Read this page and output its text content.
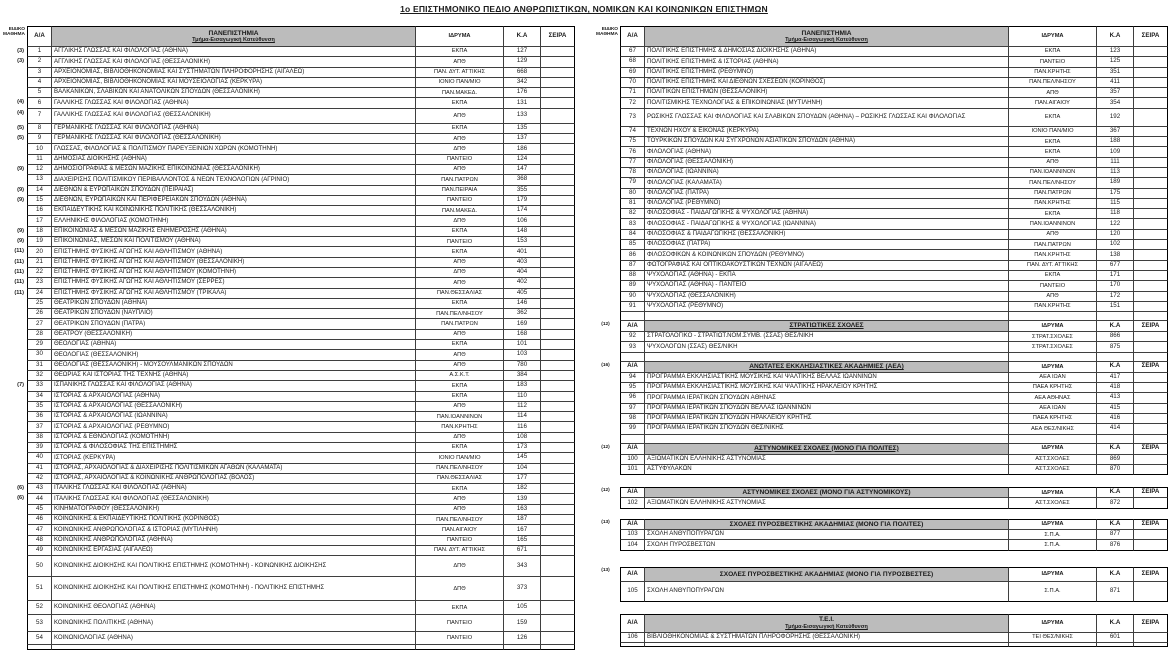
1ο ΕΠΙΣΤΗΜΟΝΙΚΟ ΠΕΔΙΟ ΑΝΘΡΩΠΙΣΤΙΚΩΝ, ΝΟΜΙΚΩΝ ΚΑΙ ΚΟΙΝΩΝΙΚΩΝ ΕΠΙΣΤΗΜΩΝ
ΕΙΔΙΚΟ ΜΑΘΗΜΑ	Α/Α	ΠΑΝΕΠΙΣΤΗΜΙΑ
Τμήμα-Εισαγωγική Κατεύθυνση
ΙΔΡΥΜΑ	Κ.Α	ΣΕΙΡΑ
(3)	1	ΑΓΓΛΙΚΗΣ ΓΛΩΣΣΑΣ ΚΑΙ ΦΙΛΟΛΟΓΙΑΣ (ΑΘΗΝΑ)	ΕΚΠΑ	127
(3)	2	ΑΓΓΛΙΚΗΣ ΓΛΩΣΣΑΣ ΚΑΙ ΦΙΛΟΛΟΓΙΑΣ (ΘΕΣΣΑΛΟΝΙΚΗ)	ΑΠΘ	129
3	ΑΡΧΕΙΟΝΟΜΙΑΣ, ΒΙΒΛΙΟΘΗΚΟΝΟΜΙΑΣ ΚΑΙ ΣΥΣΤΗΜΑΤΩΝ ΠΛΗΡΟΦΟΡΗΣΗΣ (ΑΙΓΑΛΕΩ)	ΠΑΝ. ΔΥΤ. ΑΤΤΙΚΗΣ	668
4	ΑΡΧΕΙΟΝΟΜΙΑΣ, ΒΙΒΛΙΟΘΗΚΟΝΟΜΙΑΣ ΚΑΙ ΜΟΥΣΕΙΟΛΟΓΙΑΣ (ΚΕΡΚΥΡΑ)	ΙΟΝΙΟ ΠΑΝ/ΜΙΟ	342
5	ΒΑΛΚΑΝΙΚΩΝ, ΣΛΑΒΙΚΩΝ ΚΑΙ ΑΝΑΤΟΛΙΚΩΝ ΣΠΟΥΔΩΝ (ΘΕΣΣΑΛΟΝΙΚΗ)	ΠΑΝ.ΜΑΚΕΔ.	176
(4)	6	ΓΑΛΛΙΚΗΣ ΓΛΩΣΣΑΣ ΚΑΙ ΦΙΛΟΛΟΓΙΑΣ (ΑΘΗΝΑ)	ΕΚΠΑ	131
(4)	7	ΓΑΛΛΙΚΗΣ ΓΛΩΣΣΑΣ ΚΑΙ ΦΙΛΟΛΟΓΙΑΣ (ΘΕΣΣΑΛΟΝΙΚΗ)	ΑΠΘ	133
(5)	8	ΓΕΡΜΑΝΙΚΗΣ ΓΛΩΣΣΑΣ ΚΑΙ ΦΙΛΟΛΟΓΙΑΣ (ΑΘΗΝΑ)	ΕΚΠΑ	135
(5)	9	ΓΕΡΜΑΝΙΚΗΣ ΓΛΩΣΣΑΣ ΚΑΙ ΦΙΛΟΛΟΓΙΑΣ (ΘΕΣΣΑΛΟΝΙΚΗ)	ΑΠΘ	137
10	ΓΛΩΣΣΑΣ, ΦΙΛΟΛΟΓΙΑΣ & ΠΟΛΙΤΙΣΜΟΥ ΠΑΡΕΥΞΕΙΝΙΩΝ ΧΩΡΩΝ (ΚΟΜΟΤΗΝΗ)	ΔΠΘ	186
11	ΔΗΜΟΣΙΑΣ ΔΙΟΙΚΗΣΗΣ (ΑΘΗΝΑ)	ΠΑΝΤΕΙΟ	124
(9)	12	ΔΗΜΟΣΙΟΓΡΑΦΙΑΣ & ΜΕΣΩΝ ΜΑΖΙΚΗΣ ΕΠΙΚΟΙΝΩΝΙΑΣ (ΘΕΣΣΑΛΟΝΙΚΗ)	ΑΠΘ	147
13	ΔΙΑΧΕΙΡΙΣΗΣ ΠΟΛΙΤΙΣΜΙΚΟΥ ΠΕΡΙΒΑΛΛΟΝΤΟΣ & ΝΕΩΝ ΤΕΧΝΟΛΟΓΙΩΝ (ΑΓΡΙΝΙΟ)	ΠΑΝ.ΠΑΤΡΩΝ	368
(9)	14	ΔΙΕΘΝΩΝ & ΕΥΡΩΠΑΪΚΩΝ ΣΠΟΥΔΩΝ (ΠΕΙΡΑΙΑΣ)	ΠΑΝ.ΠΕΙΡΑΙΑ	355
(9)	15	ΔΙΕΘΝΩΝ, ΕΥΡΩΠΑΪΚΩΝ ΚΑΙ ΠΕΡΙΦΕΡΕΙΑΚΩΝ ΣΠΟΥΔΩΝ (ΑΘΗΝΑ)	ΠΑΝΤΕΙΟ	179
16	ΕΚΠΑΙΔΕΥΤΙΚΗΣ ΚΑΙ ΚΟΙΝΩΝΙΚΗΣ ΠΟΛΙΤΙΚΗΣ (ΘΕΣΣΑΛΟΝΙΚΗ)	ΠΑΝ.ΜΑΚΕΔ.	174
17	ΕΛΛΗΝΙΚΗΣ ΦΙΛΟΛΟΓΙΑΣ (ΚΟΜΟΤΗΝΗ)	ΔΠΘ	106
(9)	18	ΕΠΙΚΟΙΝΩΝΙΑΣ & ΜΕΣΩΝ ΜΑΖΙΚΗΣ ΕΝΗΜΕΡΩΣΗΣ (ΑΘΗΝΑ)	ΕΚΠΑ	148
(9)	19	ΕΠΙΚΟΙΝΩΝΙΑΣ, ΜΕΣΩΝ ΚΑΙ ΠΟΛΙΤΙΣΜΟΥ (ΑΘΗΝΑ)	ΠΑΝΤΕΙΟ	153
(11)	20	ΕΠΙΣΤΗΜΗΣ ΦΥΣΙΚΗΣ ΑΓΩΓΗΣ ΚΑΙ ΑΘΛΗΤΙΣΜΟΥ (ΑΘΗΝΑ)	ΕΚΠΑ	401
(11)	21	ΕΠΙΣΤΗΜΗΣ ΦΥΣΙΚΗΣ ΑΓΩΓΗΣ ΚΑΙ ΑΘΛΗΤΙΣΜΟΥ (ΘΕΣΣΑΛΟΝΙΚΗ)	ΑΠΘ	403
(11)	22	ΕΠΙΣΤΗΜΗΣ ΦΥΣΙΚΗΣ ΑΓΩΓΗΣ ΚΑΙ ΑΘΛΗΤΙΣΜΟΥ (ΚΟΜΟΤΗΝΗ)	ΔΠΘ	404
(11)	23	ΕΠΙΣΤΗΜΗΣ ΦΥΣΙΚΗΣ ΑΓΩΓΗΣ ΚΑΙ ΑΘΛΗΤΙΣΜΟΥ (ΣΕΡΡΕΣ)	ΑΠΘ	402
(11)	24	ΕΠΙΣΤΗΜΗΣ ΦΥΣΙΚΗΣ ΑΓΩΓΗΣ ΚΑΙ ΑΘΛΗΤΙΣΜΟΥ (ΤΡΙΚΑΛΑ)	ΠΑΝ.ΘΕΣΣΑΛΙΑΣ	405
25	ΘΕΑΤΡΙΚΩΝ ΣΠΟΥΔΩΝ (ΑΘΗΝΑ)	ΕΚΠΑ	146
26	ΘΕΑΤΡΙΚΩΝ ΣΠΟΥΔΩΝ (ΝΑΥΠΛΙΟ)	ΠΑΝ.ΠΕΛ/ΝΗΣΟΥ	362
27	ΘΕΑΤΡΙΚΩΝ ΣΠΟΥΔΩΝ (ΠΑΤΡΑ)	ΠΑΝ.ΠΑΤΡΩΝ	169
28	ΘΕΑΤΡΟΥ (ΘΕΣΣΑΛΟΝΙΚΗ)	ΑΠΘ	168
29	ΘΕΟΛΟΓΙΑΣ (ΑΘΗΝΑ)	ΕΚΠΑ	101
30	ΘΕΟΛΟΓΙΑΣ (ΘΕΣΣΑΛΟΝΙΚΗ)	ΑΠΘ	103
31	ΘΕΟΛΟΓΙΑΣ (ΘΕΣΣΑΛΟΝΙΚΗ) - ΜΟΥΣΟΥΛΜΑΝΙΚΩΝ ΣΠΟΥΔΩΝ	ΑΠΘ	780
32	ΘΕΩΡΙΑΣ ΚΑΙ ΙΣΤΟΡΙΑΣ ΤΗΣ ΤΕΧΝΗΣ (ΑΘΗΝΑ)	Α.Σ.Κ.Τ.	384
(7)	33	ΙΣΠΑΝΙΚΗΣ ΓΛΩΣΣΑΣ ΚΑΙ ΦΙΛΟΛΟΓΙΑΣ (ΑΘΗΝΑ)	ΕΚΠΑ	183
34	ΙΣΤΟΡΙΑΣ & ΑΡΧΑΙΟΛΟΓΙΑΣ (ΑΘΗΝΑ)	ΕΚΠΑ	110
35	ΙΣΤΟΡΙΑΣ & ΑΡΧΑΙΟΛΟΓΙΑΣ (ΘΕΣΣΑΛΟΝΙΚΗ)	ΑΠΘ	112
36	ΙΣΤΟΡΙΑΣ & ΑΡΧΑΙΟΛΟΓΙΑΣ (ΙΩΑΝΝΙΝΑ)	ΠΑΝ.ΙΩΑΝΝΙΝΩΝ	114
37	ΙΣΤΟΡΙΑΣ & ΑΡΧΑΙΟΛΟΓΙΑΣ (ΡΕΘΥΜΝΟ)	ΠΑΝ.ΚΡΗΤΗΣ	116
38	ΙΣΤΟΡΙΑΣ & ΕΘΝΟΛΟΓΙΑΣ (ΚΟΜΟΤΗΝΗ)	ΔΠΘ	108
39	ΙΣΤΟΡΙΑΣ & ΦΙΛΟΣΟΦΙΑΣ ΤΗΣ ΕΠΙΣΤΗΜΗΣ	ΕΚΠΑ	173
40	ΙΣΤΟΡΙΑΣ (ΚΕΡΚΥΡΑ)	ΙΟΝΙΟ ΠΑΝ/ΜΙΟ	145
41	ΙΣΤΟΡΙΑΣ, ΑΡΧΑΙΟΛΟΓΙΑΣ & ΔΙΑΧΕΙΡΙΣΗΣ ΠΟΛΙΤΙΣΜΙΚΩΝ ΑΓΑΘΩΝ (ΚΑΛΑΜΑΤΑ)	ΠΑΝ.ΠΕΛ/ΝΗΣΟΥ	104
42	ΙΣΤΟΡΙΑΣ, ΑΡΧΑΙΟΛΟΓΙΑΣ & ΚΟΙΝΩΝΙΚΗΣ ΑΝΘΡΩΠΟΛΟΓΙΑΣ (ΒΟΛΟΣ)	ΠΑΝ.ΘΕΣΣΑΛΙΑΣ	177
(6)	43	ΙΤΑΛΙΚΗΣ ΓΛΩΣΣΑΣ ΚΑΙ ΦΙΛΟΛΟΓΙΑΣ (ΑΘΗΝΑ)	ΕΚΠΑ	182
(6)	44	ΙΤΑΛΙΚΗΣ ΓΛΩΣΣΑΣ ΚΑΙ ΦΙΛΟΛΟΓΙΑΣ (ΘΕΣΣΑΛΟΝΙΚΗ)	ΑΠΘ	139
45	ΚΙΝΗΜΑΤΟΓΡΑΦΟΥ (ΘΕΣΣΑΛΟΝΙΚΗ)	ΑΠΘ	163
46	ΚΟΙΝΩΝΙΚΗΣ & ΕΚΠΑΙΔΕΥΤΙΚΗΣ ΠΟΛΙΤΙΚΗΣ (ΚΟΡΙΝΘΟΣ)	ΠΑΝ.ΠΕΛ/ΝΗΣΟΥ	187
47	ΚΟΙΝΩΝΙΚΗΣ ΑΝΘΡΩΠΟΛΟΓΙΑΣ & ΙΣΤΟΡΙΑΣ (ΜΥΤΙΛΗΝΗ)	ΠΑΝ.ΑΙΓΑΙΟΥ	167
48	ΚΟΙΝΩΝΙΚΗΣ ΑΝΘΡΩΠΟΛΟΓΙΑΣ (ΑΘΗΝΑ)	ΠΑΝΤΕΙΟ	165
49	ΚΟΙΝΩΝΙΚΗΣ ΕΡΓΑΣΙΑΣ (ΑΙΓΑΛΕΩ)	ΠΑΝ. ΔΥΤ. ΑΤΤΙΚΗΣ	671
50	ΚΟΙΝΩΝΙΚΗΣ ΔΙΟΙΚΗΣΗΣ ΚΑΙ ΠΟΛΙΤΙΚΗΣ ΕΠΙΣΤΗΜΗΣ (ΚΟΜΟΤΗΝΗ) - ΚΟΙΝΩΝΙΚΗΣ ΔΙΟΙΚΗΣΗΣ	ΔΠΘ	343
51	ΚΟΙΝΩΝΙΚΗΣ ΔΙΟΙΚΗΣΗΣ ΚΑΙ ΠΟΛΙΤΙΚΗΣ ΕΠΙΣΤΗΜΗΣ (ΚΟΜΟΤΗΝΗ) - ΠΟΛΙΤΙΚΗΣ ΕΠΙΣΤΗΜΗΣ	ΔΠΘ	373
52	ΚΟΙΝΩΝΙΚΗΣ ΘΕΟΛΟΓΙΑΣ (ΑΘΗΝΑ)	ΕΚΠΑ	105
53	ΚΟΙΝΩΝΙΚΗΣ ΠΟΛΙΤΙΚΗΣ (ΑΘΗΝΑ)	ΠΑΝΤΕΙΟ	159
54	ΚΟΙΝΩΝΙΟΛΟΓΙΑΣ (ΑΘΗΝΑ)	ΠΑΝΤΕΙΟ	126
ΕΙΔΙΚΟ ΜΑΘΗΜΑ	Α/Α	ΠΑΝΕΠΙΣΤΗΜΙΑ
Τμήμα-Εισαγωγική Κατεύθυνση
ΙΔΡΥΜΑ	Κ.Α	ΣΕΙΡΑ
67	ΠΟΛΙΤΙΚΗΣ ΕΠΙΣΤΗΜΗΣ & ΔΗΜΟΣΙΑΣ ΔΙΟΙΚΗΣΗΣ (ΑΘΗΝΑ)	ΕΚΠΑ	123
68	ΠΟΛΙΤΙΚΗΣ ΕΠΙΣΤΗΜΗΣ & ΙΣΤΟΡΙΑΣ (ΑΘΗΝΑ)	ΠΑΝΤΕΙΟ	125
69	ΠΟΛΙΤΙΚΗΣ ΕΠΙΣΤΗΜΗΣ (ΡΕΘΥΜΝΟ)	ΠΑΝ.ΚΡΗΤΗΣ	351
70	ΠΟΛΙΤΙΚΗΣ ΕΠΙΣΤΗΜΗΣ ΚΑΙ ΔΙΕΘΝΩΝ ΣΧΕΣΕΩΝ (ΚΟΡΙΝΘΟΣ)	ΠΑΝ.ΠΕΛ/ΝΗΣΟΥ	411
71	ΠΟΛΙΤΙΚΩΝ ΕΠΙΣΤΗΜΩΝ (ΘΕΣΣΑΛΟΝΙΚΗ)	ΑΠΘ	357
72	ΠΟΛΙΤΙΣΜΙΚΗΣ ΤΕΧΝΟΛΟΓΙΑΣ & ΕΠΙΚΟΙΝΩΝΙΑΣ (ΜΥΤΙΛΗΝΗ)	ΠΑΝ.ΑΙΓΑΙΟΥ	354
73	ΡΩΣΙΚΗΣ ΓΛΩΣΣΑΣ ΚΑΙ ΦΙΛΟΛΟΓΙΑΣ ΚΑΙ ΣΛΑΒΙΚΩΝ ΣΠΟΥΔΩΝ (ΑΘΗΝΑ) – ΡΩΣΙΚΗΣ ΓΛΩΣΣΑΣ ΚΑΙ ΦΙΛΟΛΟΓΙΑΣ	ΕΚΠΑ	192
74	ΤΕΧΝΩΝ ΗΧΟΥ & ΕΙΚΟΝΑΣ (ΚΕΡΚΥΡΑ)	ΙΟΝΙΟ ΠΑΝ/ΜΙΟ	367
75	ΤΟΥΡΚΙΚΩΝ ΣΠΟΥΔΩΝ ΚΑΙ ΣΥΓΧΡΟΝΩΝ ΑΣΙΑΤΙΚΩΝ ΣΠΟΥΔΩΝ (ΑΘΗΝΑ)	ΕΚΠΑ	188
76	ΦΙΛΟΛΟΓΙΑΣ (ΑΘΗΝΑ)	ΕΚΠΑ	109
77	ΦΙΛΟΛΟΓΙΑΣ (ΘΕΣΣΑΛΟΝΙΚΗ)	ΑΠΘ	111
78	ΦΙΛΟΛΟΓΙΑΣ (ΙΩΑΝΝΙΝΑ)	ΠΑΝ.ΙΩΑΝΝΙΝΩΝ	113
79	ΦΙΛΟΛΟΓΙΑΣ (ΚΑΛΑΜΑΤΑ)	ΠΑΝ.ΠΕΛ/ΝΗΣΟΥ	189
80	ΦΙΛΟΛΟΓΙΑΣ (ΠΑΤΡΑ)	ΠΑΝ.ΠΑΤΡΩΝ	175
81	ΦΙΛΟΛΟΓΙΑΣ (ΡΕΘΥΜΝΟ)	ΠΑΝ.ΚΡΗΤΗΣ	115
82	ΦΙΛΟΣΟΦΙΑΣ - ΠΑΙΔΑΓΩΓΙΚΗΣ & ΨΥΧΟΛΟΓΙΑΣ (ΑΘΗΝΑ)	ΕΚΠΑ	118
83	ΦΙΛΟΣΟΦΙΑΣ - ΠΑΙΔΑΓΩΓΙΚΗΣ & ΨΥΧΟΛΟΓΙΑΣ (ΙΩΑΝΝΙΝΑ)	ΠΑΝ.ΙΩΑΝΝΙΝΩΝ	122
84	ΦΙΛΟΣΟΦΙΑΣ & ΠΑΙΔΑΓΩΓΙΚΗΣ (ΘΕΣΣΑΛΟΝΙΚΗ)	ΑΠΘ	120
85	ΦΙΛΟΣΟΦΙΑΣ (ΠΑΤΡΑ)	ΠΑΝ.ΠΑΤΡΩΝ	102
86	ΦΙΛΟΣΟΦΙΚΩΝ & ΚΟΙΝΩΝΙΚΩΝ ΣΠΟΥΔΩΝ (ΡΕΘΥΜΝΟ)	ΠΑΝ.ΚΡΗΤΗΣ	138
87	ΦΩΤΟΓΡΑΦΙΑΣ ΚΑΙ ΟΠΤΙΚΟΑΚΟΥΣΤΙΚΩΝ ΤΕΧΝΩΝ (ΑΙΓΑΛΕΩ)	ΠΑΝ. ΔΥΤ. ΑΤΤΙΚΗΣ	677
88	ΨΥΧΟΛΟΓΙΑΣ (ΑΘΗΝΑ) - ΕΚΠΑ	ΕΚΠΑ	171
89	ΨΥΧΟΛΟΓΙΑΣ (ΑΘΗΝΑ) - ΠΑΝΤΕΙΟ	ΠΑΝΤΕΙΟ	170
90	ΨΥΧΟΛΟΓΙΑΣ (ΘΕΣΣΑΛΟΝΙΚΗ)	ΑΠΘ	172
91	ΨΥΧΟΛΟΓΙΑΣ (ΡΕΘΥΜΝΟ)	ΠΑΝ.ΚΡΗΤΗΣ	151
(12)	Α/Α	ΣΤΡΑΤΙΩΤΙΚΕΣ ΣΧΟΛΕΣ	ΙΔΡΥΜΑ	Κ.Α	ΣΕΙΡΑ
92	ΣΤΡΑΤΟΛΟΓΙΚΟ - ΣΤΡΑΤΙΩΤ.ΝΟΜ.ΣΥΜΒ. (ΣΣΑΣ) ΘΕΣ/ΝΙΚΗ	ΣΤΡΑΤ.ΣΧΟΛΕΣ	866
93	ΨΥΧΟΛΟΓΩΝ (ΣΣΑΣ) ΘΕΣ/ΝΙΚΗ	ΣΤΡΑΤ.ΣΧΟΛΕΣ	875
(16)	Α/Α	ΑΝΩΤΑΤΕΣ ΕΚΚΛΗΣΙΑΣΤΙΚΕΣ ΑΚΑΔΗΜΙΕΣ (ΑΕΑ)	ΙΔΡΥΜΑ	Κ.Α	ΣΕΙΡΑ
94	ΠΡΟΓΡΑΜΜΑ ΕΚΚΛΗΣΙΑΣΤΙΚΗΣ ΜΟΥΣΙΚΗΣ ΚΑΙ ΨΑΛΤΙΚΗΣ ΒΕΛΛΑΣ ΙΩΑΝΝΙΝΩΝ	ΑΕΑ ΙΩΑΝ	417
95	ΠΡΟΓΡΑΜΜΑ ΕΚΚΛΗΣΙΑΣΤΙΚΗΣ ΜΟΥΣΙΚΗΣ ΚΑΙ ΨΑΛΤΙΚΗΣ ΗΡΑΚΛΕΙΟΥ ΚΡΗΤΗΣ	ΠΑΕΑ ΚΡΗΤΗΣ	418
96	ΠΡΟΓΡΑΜΜΑ ΙΕΡΑΤΙΚΩΝ ΣΠΟΥΔΩΝ ΑΘΗΝΑΣ	ΑΕΑ ΑΘΗΝΑΣ	413
97	ΠΡΟΓΡΑΜΜΑ ΙΕΡΑΤΙΚΩΝ ΣΠΟΥΔΩΝ ΒΕΛΛΑΣ ΙΩΑΝΝΙΝΩΝ	ΑΕΑ ΙΩΑΝ	415
98	ΠΡΟΓΡΑΜΜΑ ΙΕΡΑΤΙΚΩΝ ΣΠΟΥΔΩΝ ΗΡΑΚΛΕΙΟΥ ΚΡΗΤΗΣ	ΠΑΕΑ ΚΡΗΤΗΣ	416
99	ΠΡΟΓΡΑΜΜΑ ΙΕΡΑΤΙΚΩΝ ΣΠΟΥΔΩΝ ΘΕΣ/ΝΙΚΗΣ	ΑΕΑ ΘΕΣ/ΝΙΚΗΣ	414
(12)	Α/Α	ΑΣΤΥΝΟΜΙΚΕΣ ΣΧΟΛΕΣ (ΜΟΝΟ ΓΙΑ ΠΟΛΙΤΕΣ)	ΙΔΡΥΜΑ	Κ.Α	ΣΕΙΡΑ
100	ΑΞΙΩΜΑΤΙΚΩΝ ΕΛΛΗΝΙΚΗΣ ΑΣΤΥΝΟΜΙΑΣ	ΑΣΤ.ΣΧΟΛΕΣ	869
101	ΑΣΤΥΦΥΛΑΚΩΝ	ΑΣΤ.ΣΧΟΛΕΣ	870
(12)	Α/Α	ΑΣΤΥΝΟΜΙΚΕΣ ΣΧΟΛΕΣ (ΜΟΝΟ ΓΙΑ ΑΣΤΥΝΟΜΙΚΟΥΣ)	ΙΔΡΥΜΑ	Κ.Α	ΣΕΙΡΑ
102	ΑΞΙΩΜΑΤΙΚΩΝ ΕΛΛΗΝΙΚΗΣ ΑΣΤΥΝΟΜΙΑΣ	ΑΣΤ.ΣΧΟΛΕΣ	872
(13)	Α/Α	ΣΧΟΛΕΣ ΠΥΡΟΣΒΕΣΤΙΚΗΣ ΑΚΑΔΗΜΙΑΣ (ΜΟΝΟ ΓΙΑ ΠΟΛΙΤΕΣ)	ΙΔΡΥΜΑ	Κ.Α	ΣΕΙΡΑ
103	ΣΧΟΛΗ ΑΝΘΥΠΟΠΥΡΑΓΩΝ	Σ.Π.Α.	877
104	ΣΧΟΛΗ ΠΥΡΟΣΒΕΣΤΩΝ	Σ.Π.Α.	876
(13)	Α/Α	ΣΧΟΛΕΣ ΠΥΡΟΣΒΕΣΤΙΚΗΣ ΑΚΑΔΗΜΙΑΣ (ΜΟΝΟ ΓΙΑ ΠΥΡΟΣΒΕΣΤΕΣ)	ΙΔΡΥΜΑ	Κ.Α	ΣΕΙΡΑ
105	ΣΧΟΛΗ ΑΝΘΥΠΟΠΥΡΑΓΩΝ	Σ.Π.Α.	871
Α/Α	Τ.Ε.Ι.
Τμήμα-Εισαγωγική Κατεύθυνση
ΙΔΡΥΜΑ	Κ.Α	ΣΕΙΡΑ
106	ΒΙΒΛΙΟΘΗΚΟΝΟΜΙΑΣ & ΣΥΣΤΗΜΑΤΩΝ ΠΛΗΡΟΦΟΡΗΣΗΣ (ΘΕΣΣΑΛΟΝΙΚΗ)	ΤΕΙ ΘΕΣ/ΝΙΚΗΣ	601
